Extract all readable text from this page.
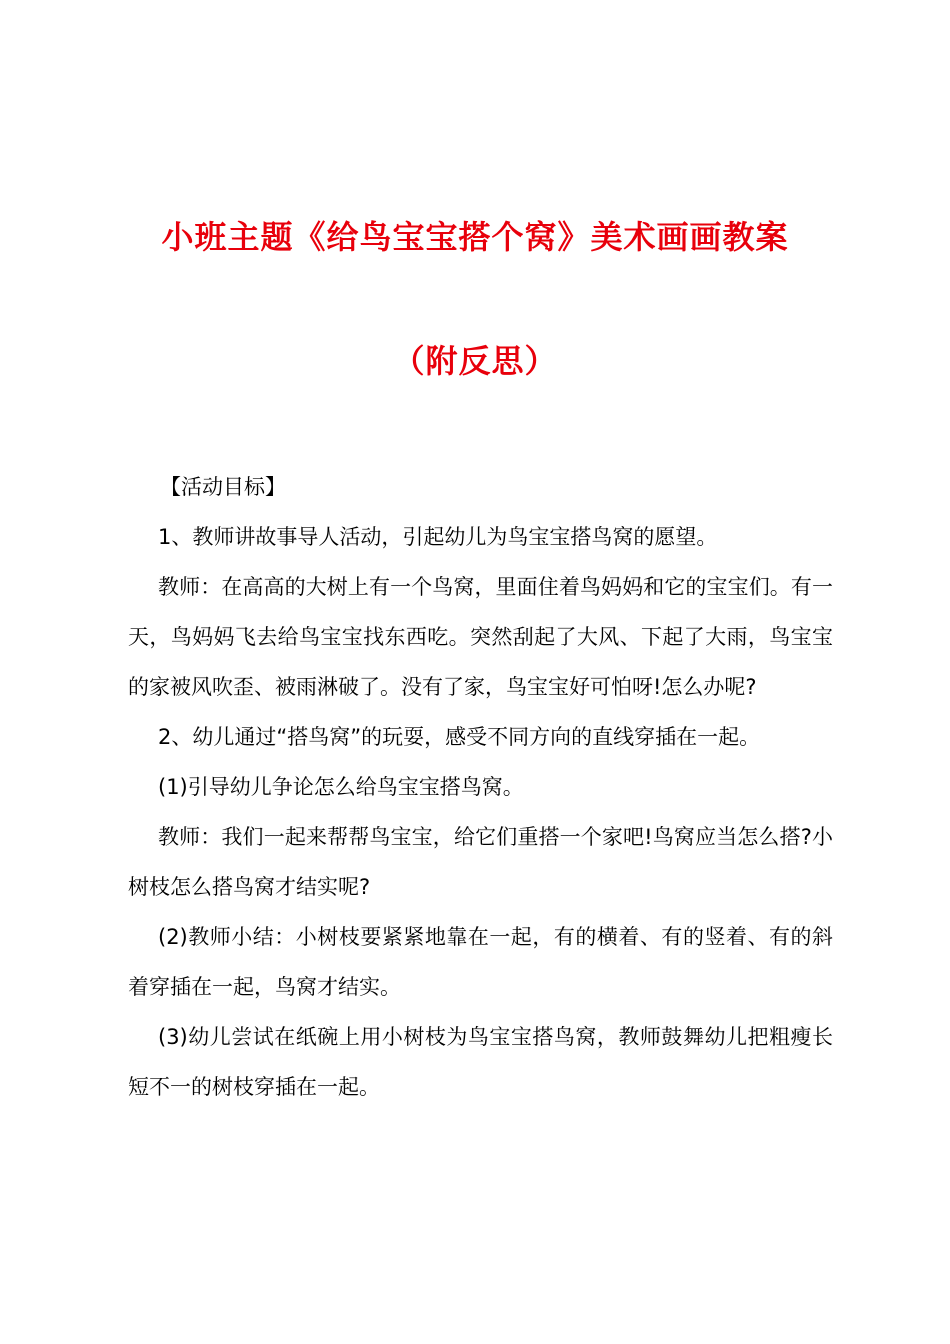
小班主题《给鸟宝宝搭个窝》美术画画教案
（附反思）

【活动目标】

1、教师讲故事导人活动，引起幼儿为鸟宝宝搭鸟窝的愿望。

教师：在高高的大树上有一个鸟窝，里面住着鸟妈妈和它的宝宝们。有一天，鸟妈妈飞去给鸟宝宝找东西吃。突然刮起了大风、下起了大雨，鸟宝宝的家被风吹歪、被雨淋破了。没有了家，鸟宝宝好可怕呀!怎么办呢?

2、幼儿通过“搭鸟窝”的玩耍，感受不同方向的直线穿插在一起。

(1)引导幼儿争论怎么给鸟宝宝搭鸟窝。

教师：我们一起来帮帮鸟宝宝，给它们重搭一个家吧!鸟窝应当怎么搭?小树枝怎么搭鸟窝才结实呢?

(2)教师小结：小树枝要紧紧地靠在一起，有的横着、有的竖着、有的斜着穿插在一起，鸟窝才结实。

(3)幼儿尝试在纸碗上用小树枝为鸟宝宝搭鸟窝，教师鼓舞幼儿把粗瘦长短不一的树枝穿插在一起。
